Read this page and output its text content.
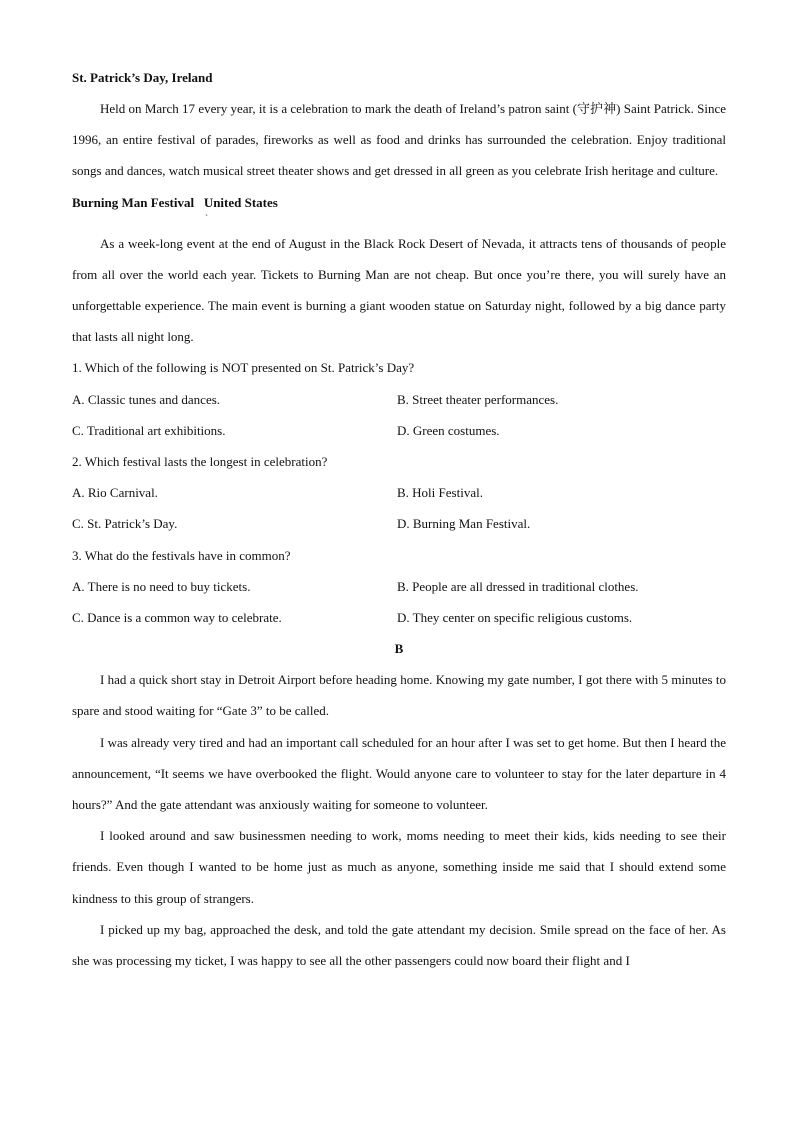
St. Patrick’s Day, Ireland

Held on March 17 every year, it is a celebration to mark the death of Ireland’s patron saint (守护神) Saint Patrick. Since 1996, an entire festival of parades, fireworks as well as food and drinks has surrounded the celebration. Enjoy traditional songs and dances, watch musical street theater shows and get dressed in all green as you celebrate Irish heritage and culture.

Burning Man Festival   United States
`

As a week-long event at the end of August in the Black Rock Desert of Nevada, it attracts tens of thousands of people from all over the world each year. Tickets to Burning Man are not cheap. But once you’re there, you will surely have an unforgettable experience. The main event is burning a giant wooden statue on Saturday night, followed by a big dance party that lasts all night long.

1. Which of the following is NOT presented on St. Patrick’s Day?
A. Classic tunes and dances.	B. Street theater performances.
C. Traditional art exhibitions.	D. Green costumes.
2. Which festival lasts the longest in celebration?
A. Rio Carnival.	B. Holi Festival.
C. St. Patrick’s Day.	D. Burning Man Festival.
3. What do the festivals have in common?
A. There is no need to buy tickets.	B. People are all dressed in traditional clothes.
C. Dance is a common way to celebrate.	D. They center on specific religious customs.
B

I had a quick short stay in Detroit Airport before heading home. Knowing my gate number, I got there with 5 minutes to spare and stood waiting for “Gate 3” to be called.

I was already very tired and had an important call scheduled for an hour after I was set to get home. But then I heard the announcement, “It seems we have overbooked the flight. Would anyone care to volunteer to stay for the later departure in 4 hours?” And the gate attendant was anxiously waiting for someone to volunteer.

I looked around and saw businessmen needing to work, moms needing to meet their kids, kids needing to see their friends. Even though I wanted to be home just as much as anyone, something inside me said that I should extend some kindness to this group of strangers.

I picked up my bag, approached the desk, and told the gate attendant my decision. Smile spread on the face of her. As she was processing my ticket, I was happy to see all the other passengers could now board their flight and I
